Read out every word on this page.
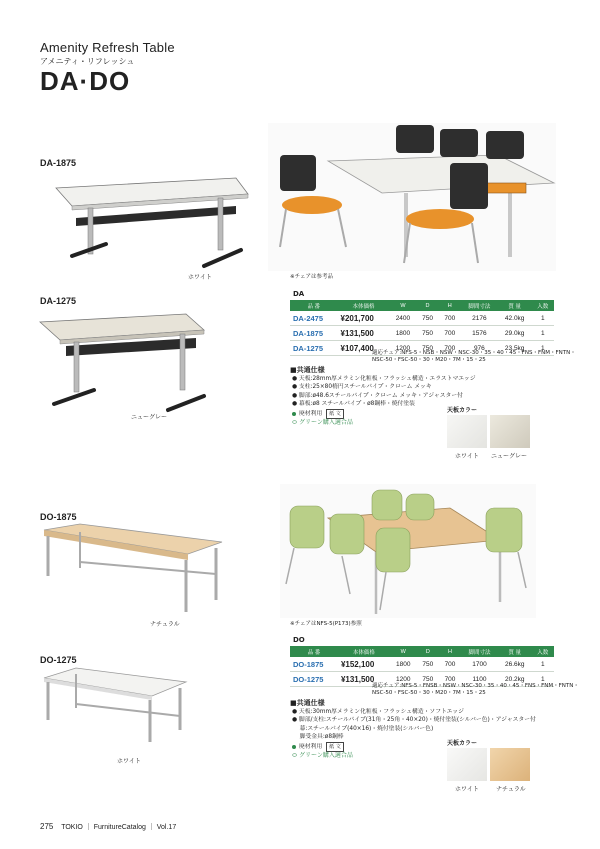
Amenity Refresh Table
アメニティ・リフレッシュ
DA·DO
DA-1875
ホワイト
DA-1275
ニューグレー
※チェアは参考品
DA
品 番	本体価格	W	D	H	脚間寸法	質 量	入数
DA-2475	¥201,700	2400	750	700	2176	42.0kg	1
DA-1875	¥131,500	1800	750	700	1576	29.0kg	1
DA-1275	¥107,400	1200	750	700	976	23.5kg	1
適応チェア:NFS-5・NSB・NSW・NSC-30・35・40・45・FNS・FNM・FNTN・
NSC-50・FSC-50・30・M20・7M・15・25
■共通仕様
● 天板:28mm厚メラミン化粧板・フラッシュ構造・エラストマエッジ
● 支柱:25×80楕円スチールパイプ・クローム メッキ
● 脚部:ø48.6スチールパイプ・クローム メッキ・アジャスター付
● 幕板:ø8 スチールパイプ・ø8鋼棒・焼付塗装
廃材利用 紙 文
⬭ グリーン購入適合品
天板カラー
ホワイト ニューグレー
DO-1875
ナチュラル
DO-1275
ホワイト
※チェアはNFS-5(P173)参照
DO
品 番	本体価格	W	D	H	脚間寸法	質 量	入数
DO-1875	¥152,100	1800	750	700	1700	26.6kg	1
DO-1275	¥131,500	1200	750	700	1100	20.2kg	1
適応チェア:NFS-5・FNSB・NSW・NSC-30・35・40・45・FNS・FNM・FNTN・
NSC-50・FSC-50・30・M20・7M・15・25
■共通仕様
● 天板:30mm厚メラミン化粧板・フラッシュ構造・ソフトエッジ
● 脚部/支柱:スチールパイプ(31角・25角・40×20)・焼付塗装(シルバー色)・アジャスター付
　 幕:スチールパイプ(40×16)・焼付塗装(シルバー色)
　 脚受金具:ø8鋼棒
廃材利用 紙 文
⬭ グリーン購入適合品
天板カラー
ホワイト	ナチュラル
275 TOKIO ｜ FurnitureCatalog ｜ Vol.17
